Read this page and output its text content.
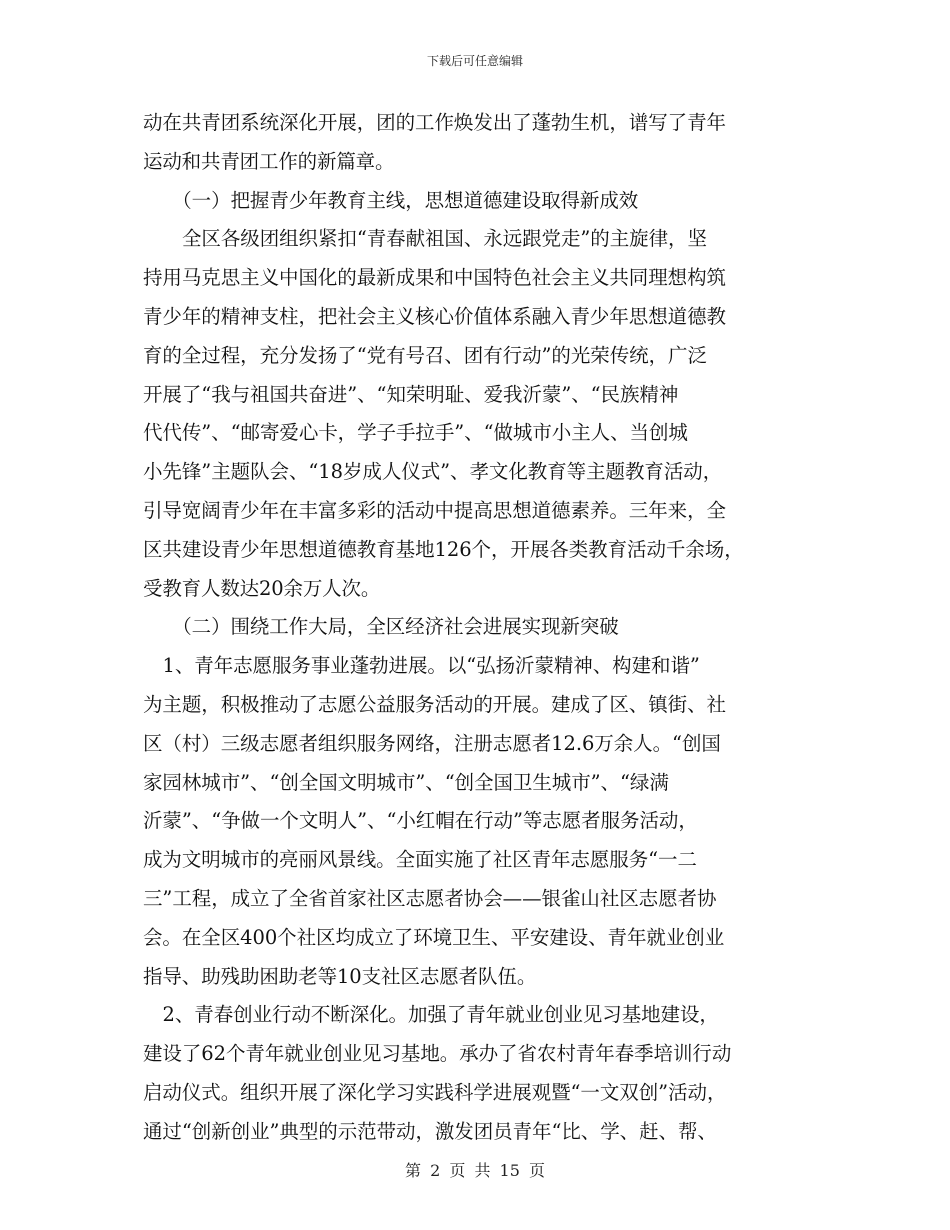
下载后可任意编辑
动在共青团系统深化开展，团的工作焕发出了蓬勃生机，谱写了青年
运动和共青团工作的新篇章。
（一）把握青少年教育主线，思想道德建设取得新成效
全区各级团组织紧扣“青春献祖国、永远跟党走”的主旋律，坚
持用马克思主义中国化的最新成果和中国特色社会主义共同理想构筑
青少年的精神支柱，把社会主义核心价值体系融入青少年思想道德教
育的全过程，充分发扬了“党有号召、团有行动”的光荣传统，广泛
开展了“我与祖国共奋进”、“知荣明耻、爱我沂蒙”、“民族精神
代代传”、“邮寄爱心卡，学子手拉手”、“做城市小主人、当创城
小先锋”主题队会、“18岁成人仪式”、孝文化教育等主题教育活动，
引导宽阔青少年在丰富多彩的活动中提高思想道德素养。三年来，全
区共建设青少年思想道德教育基地126个，开展各类教育活动千余场，
受教育人数达20余万人次。
（二）围绕工作大局，全区经济社会进展实现新突破
1、青年志愿服务事业蓬勃进展。以“弘扬沂蒙精神、构建和谐”
为主题，积极推动了志愿公益服务活动的开展。建成了区、镇街、社
区（村）三级志愿者组织服务网络，注册志愿者12.6万余人。“创国
家园林城市”、“创全国文明城市”、“创全国卫生城市”、“绿满
沂蒙”、“争做一个文明人”、“小红帽在行动”等志愿者服务活动，
成为文明城市的亮丽风景线。全面实施了社区青年志愿服务“一二
三”工程，成立了全省首家社区志愿者协会——银雀山社区志愿者协
会。在全区400个社区均成立了环境卫生、平安建设、青年就业创业
指导、助残助困助老等10支社区志愿者队伍。
2、青春创业行动不断深化。加强了青年就业创业见习基地建设，
建设了62个青年就业创业见习基地。承办了省农村青年春季培训行动
启动仪式。组织开展了深化学习实践科学进展观暨“一文双创”活动，
通过“创新创业”典型的示范带动，激发团员青年“比、学、赶、帮、
第 2 页 共 15 页
